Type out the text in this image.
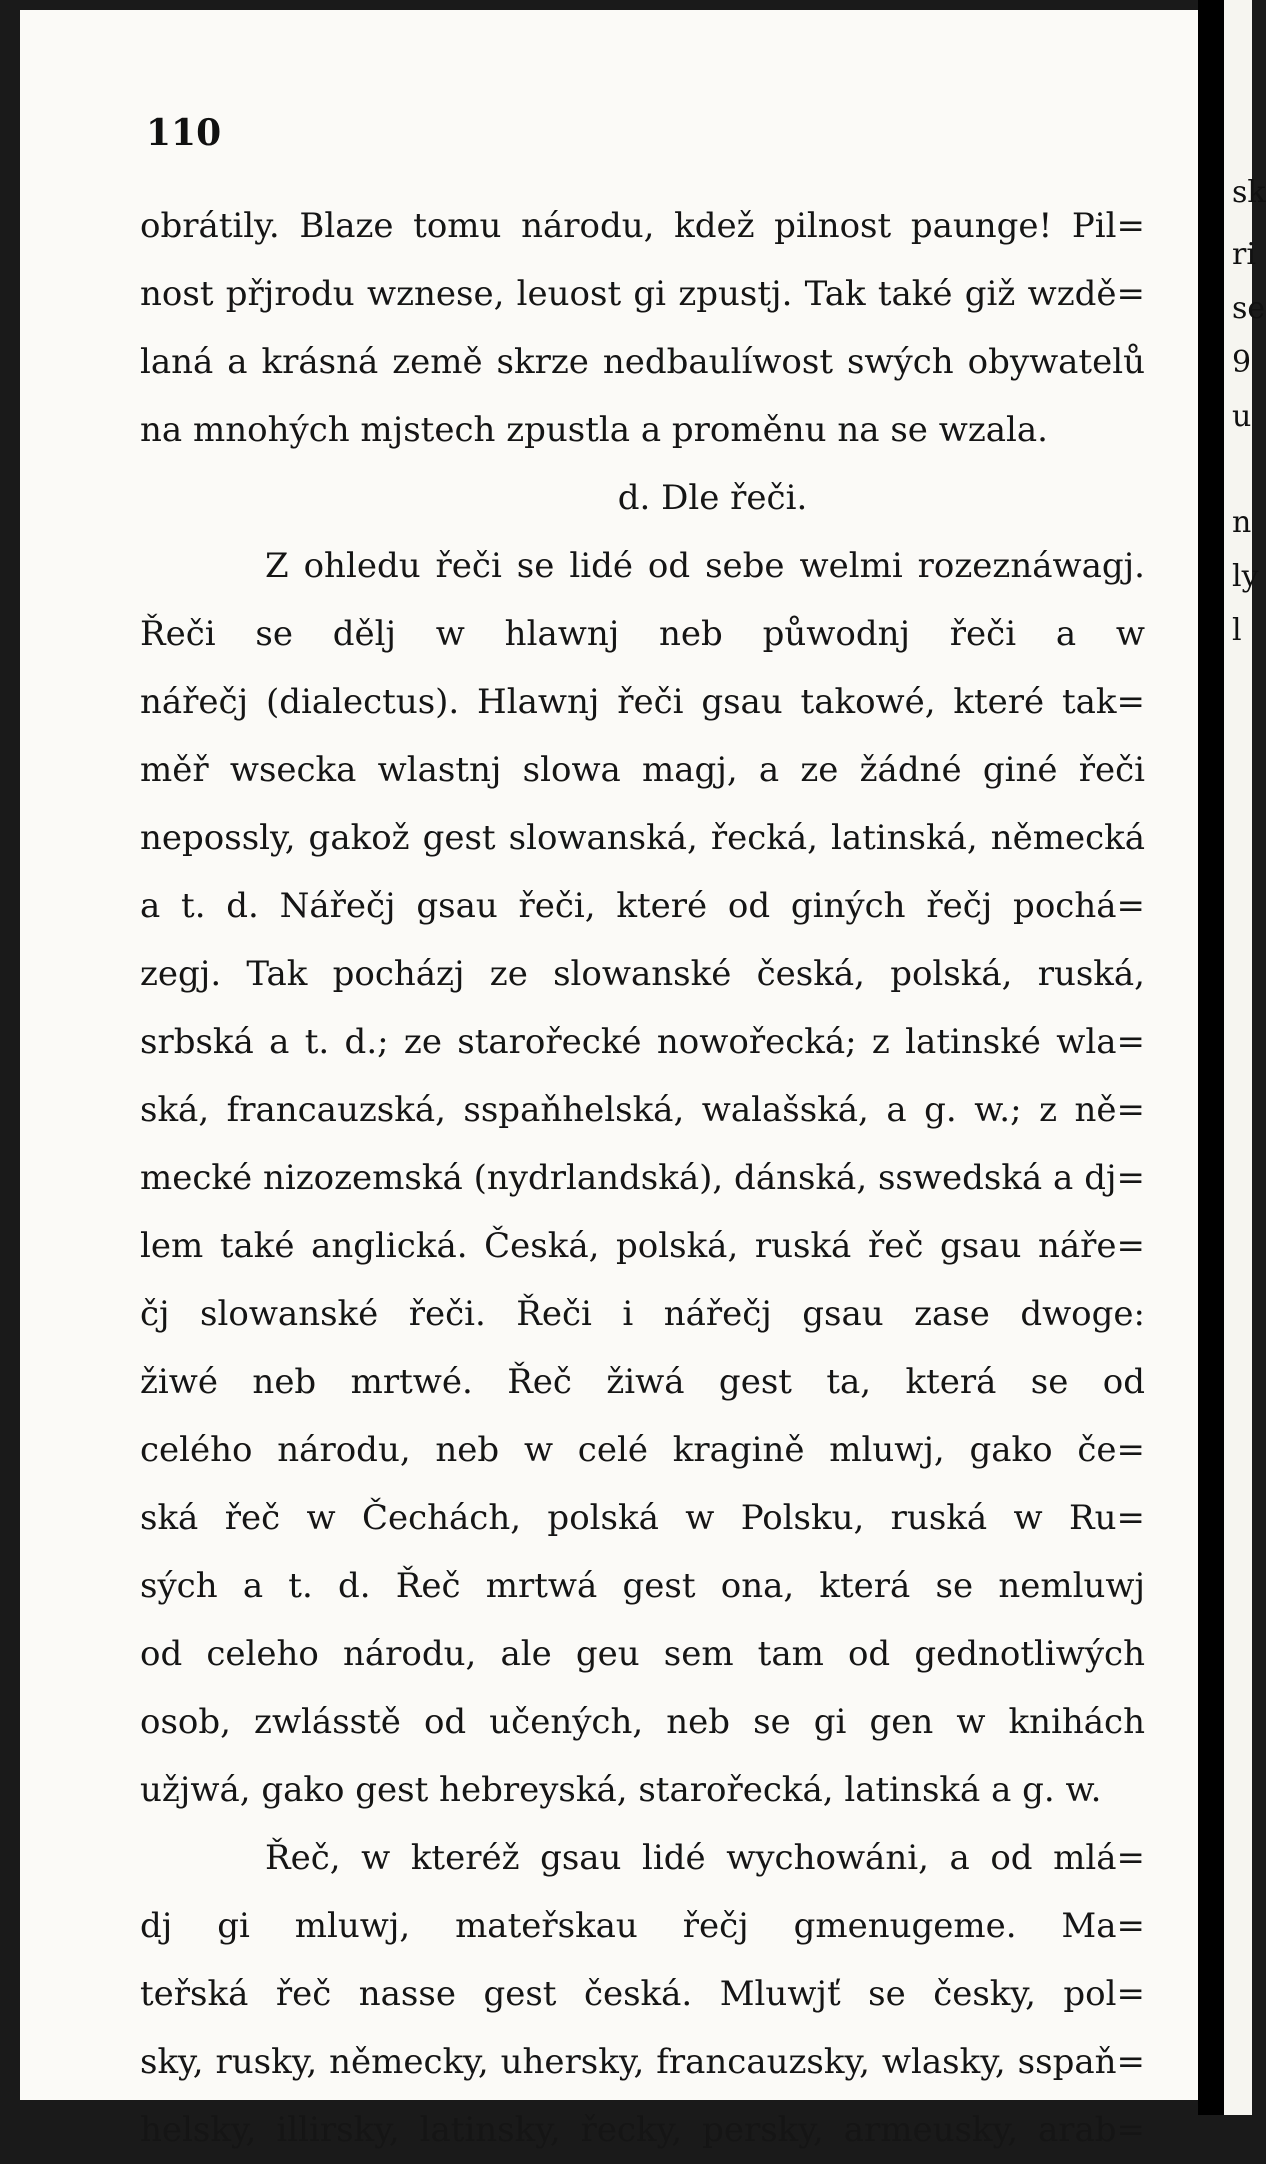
sk
ri
se
9
u
n
ly
l
110
obrátily. Blaze tomu národu, kdež pilnost paunge! Pil=
nost přjrodu wznese, leuost gi zpustj. Tak také giž wzdě=
laná a krásná země skrze nedbaulíwost swých obywatelů
na mnohých mjstech zpustla a proměnu na se wzala.
d. Dle řeči.
Z ohledu řeči se lidé od sebe welmi rozeznáwagj.
Řeči se dělj w hlawnj neb půwodnj řeči a w
nářečj (dialectus). Hlawnj řeči gsau takowé, které tak=
měř wsecka wlastnj slowa magj, a ze žádné giné řeči
nepossly, gakož gest slowanská, řecká, latinská, německá
a t. d. Nářečj gsau řeči, které od giných řečj pochá=
zegj. Tak pocházj ze slowanské česká, polská, ruská,
srbská a t. d.; ze starořecké nowořecká; z latinské wla=
ská, francauzská, sspaňhelská, walašská, a g. w.; z ně=
mecké nizozemská (nydrlandská), dánská, sswedská a dj=
lem také anglická. Česká, polská, ruská řeč gsau náře=
čj slowanské řeči. Řeči i nářečj gsau zase dwoge:
žiwé neb mrtwé. Řeč žiwá gest ta, která se od
celého národu, neb w celé kragině mluwj, gako če=
ská řeč w Čechách, polská w Polsku, ruská w Ru=
sých a t. d. Řeč mrtwá gest ona, která se nemluwj
od celeho národu, ale geu sem tam od gednotliwých
osob, zwlásstě od učených, neb se gi gen w knihách
užjwá, gako gest hebreyská, starořecká, latinská a g. w.
Řeč, w kteréž gsau lidé wychowáni, a od mlá=
dj gi mluwj, mateřskau řečj gmenugeme. Ma=
teřská řeč nasse gest česká. Mluwjť se česky, pol=
sky, rusky, německy, uhersky, francauzsky, wlasky, sspaň=
helsky, illirsky, latinsky, řecky, persky, armeusky, arab=
